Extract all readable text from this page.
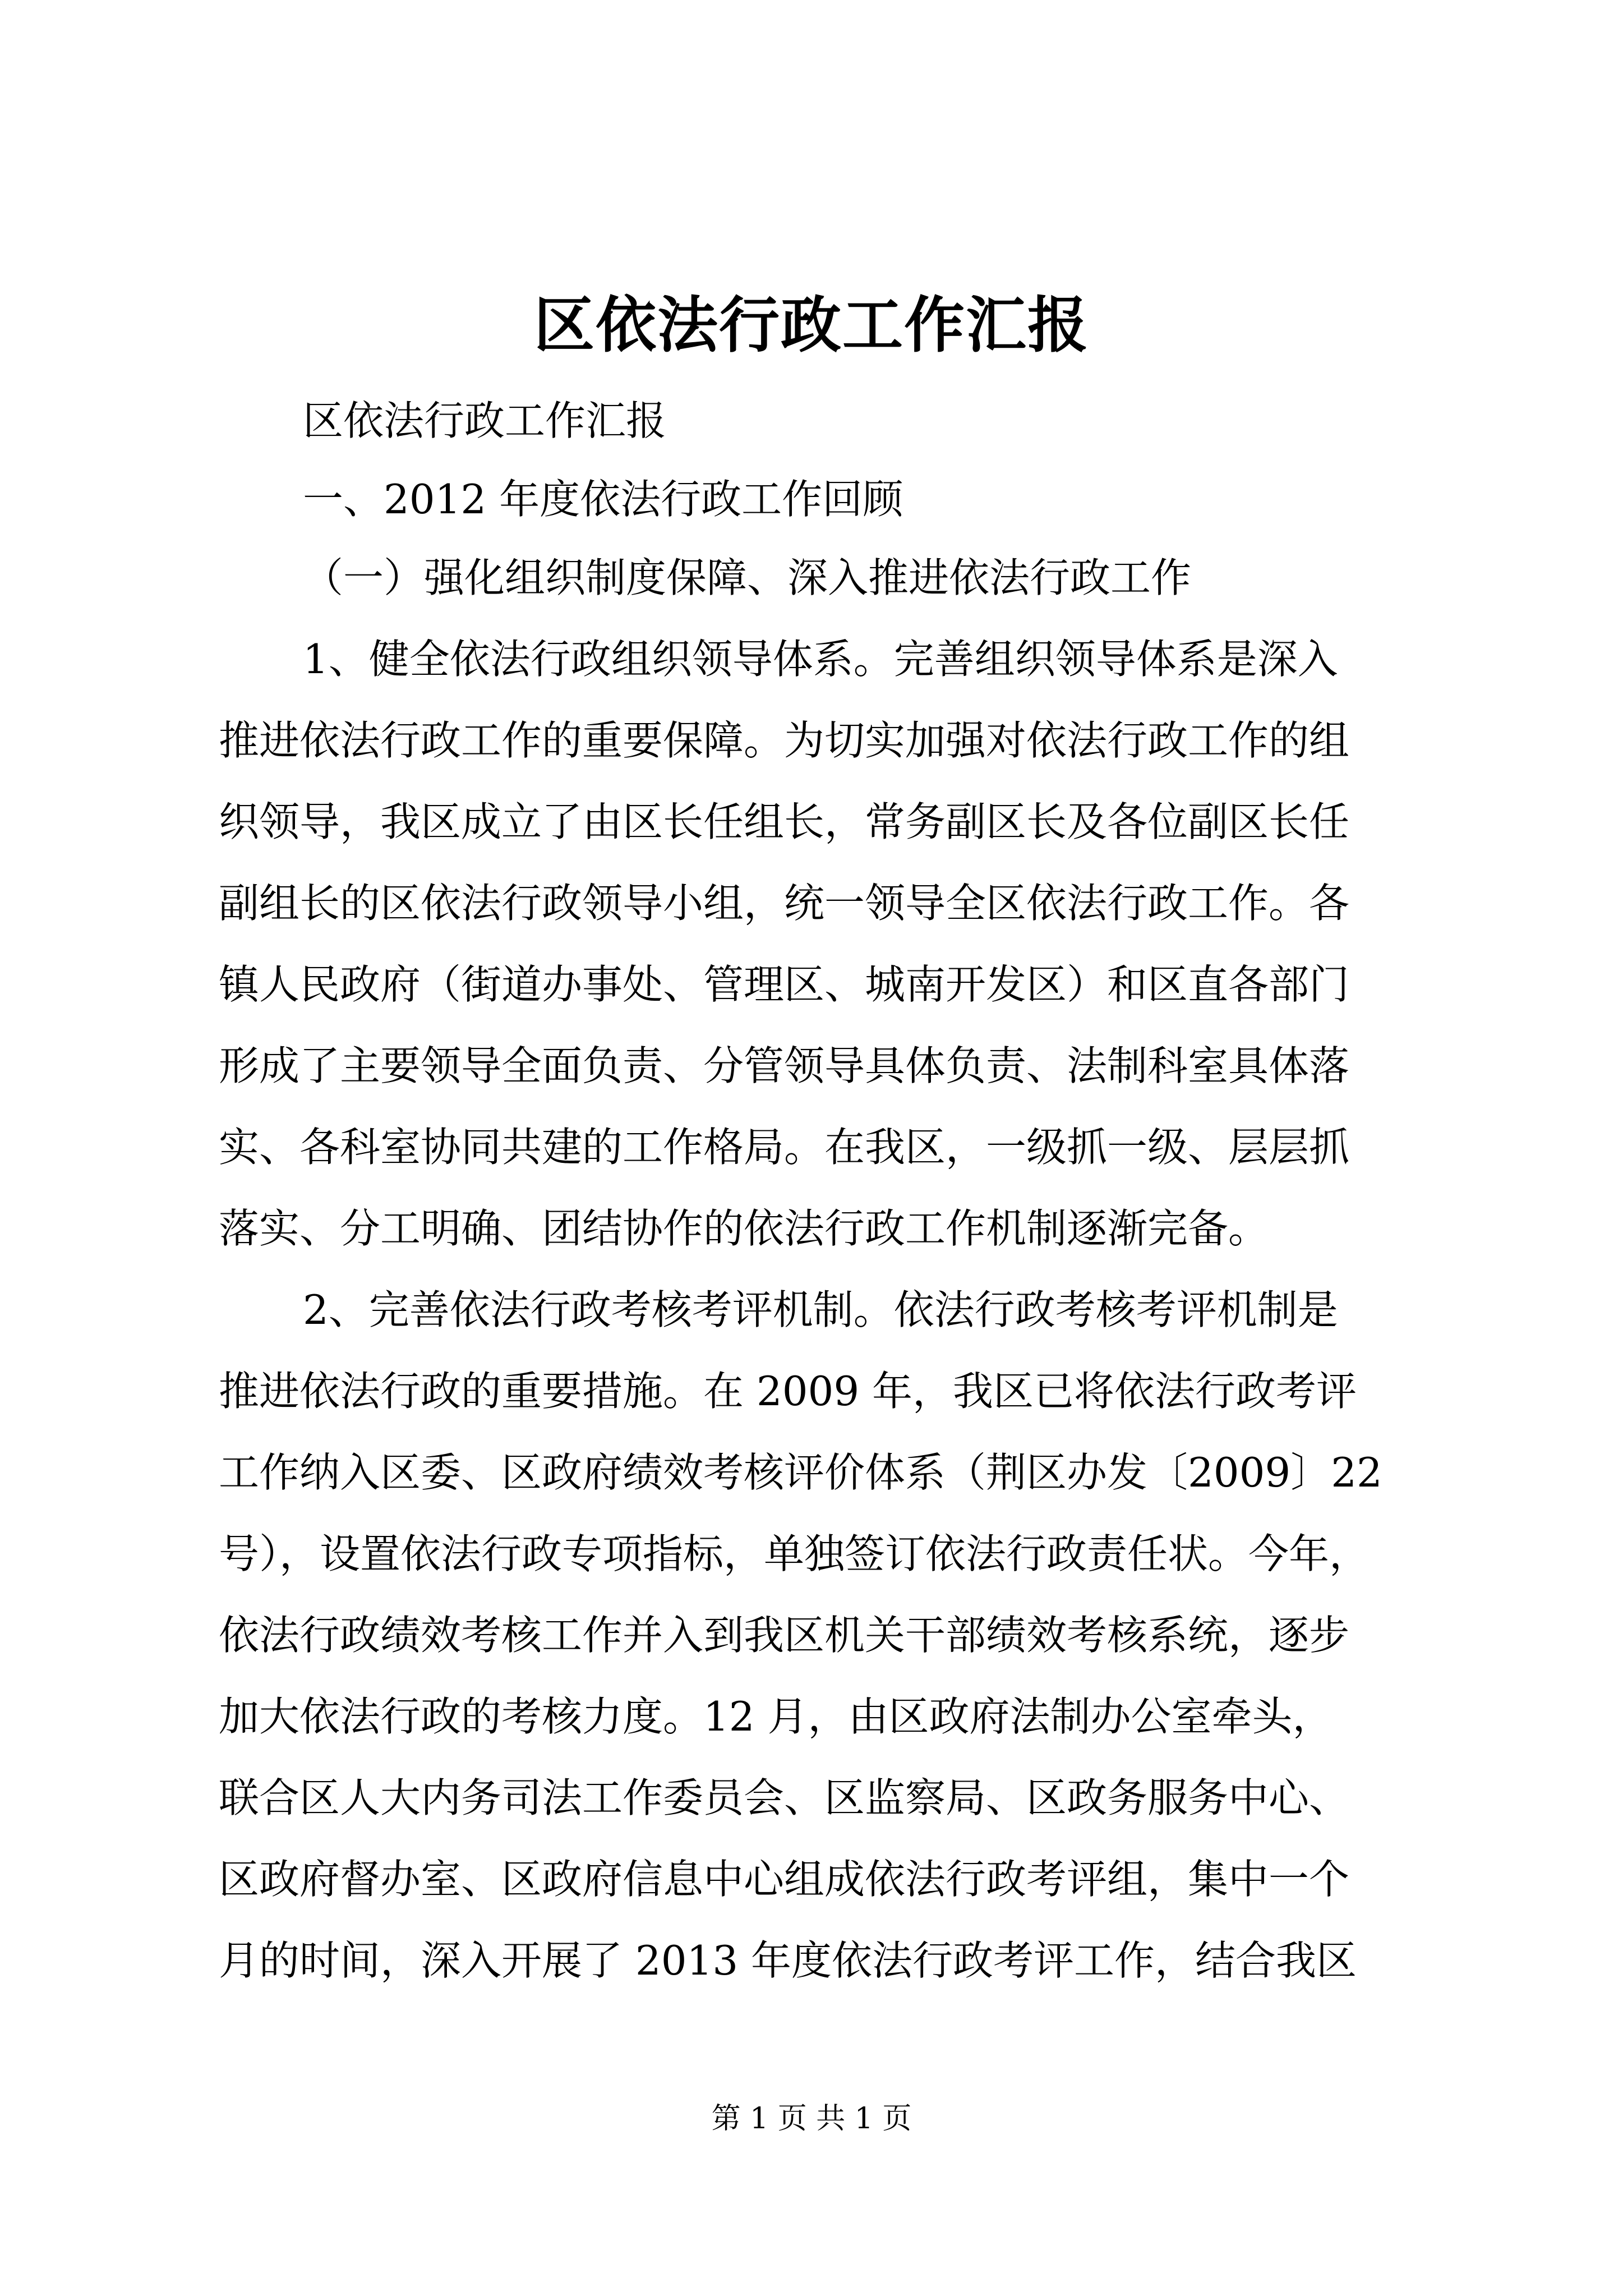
区依法行政工作汇报
区依法行政工作汇报
一、2012 年度依法行政工作回顾
（一）强化组织制度保障、深入推进依法行政工作
1、健全依法行政组织领导体系。完善组织领导体系是深入
推进依法行政工作的重要保障。为切实加强对依法行政工作的组
织领导，我区成立了由区长任组长，常务副区长及各位副区长任
副组长的区依法行政领导小组，统一领导全区依法行政工作。各
镇人民政府（街道办事处、管理区、城南开发区）和区直各部门
形成了主要领导全面负责、分管领导具体负责、法制科室具体落
实、各科室协同共建的工作格局。在我区，一级抓一级、层层抓
落实、分工明确、团结协作的依法行政工作机制逐渐完备。
2、完善依法行政考核考评机制。依法行政考核考评机制是
推进依法行政的重要措施。在 2009 年，我区已将依法行政考评
工作纳入区委、区政府绩效考核评价体系（荆区办发〔2009〕22
号），设置依法行政专项指标，单独签订依法行政责任状。今年，
依法行政绩效考核工作并入到我区机关干部绩效考核系统，逐步
加大依法行政的考核力度。12 月，由区政府法制办公室牵头，
联合区人大内务司法工作委员会、区监察局、区政务服务中心、
区政府督办室、区政府信息中心组成依法行政考评组，集中一个
月的时间，深入开展了 2013 年度依法行政考评工作，结合我区
第 1 页 共 1 页
